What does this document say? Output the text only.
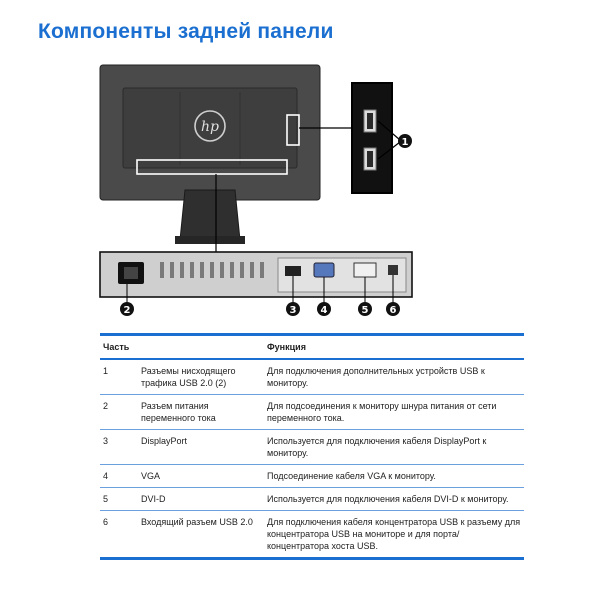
Компоненты задней панели
hp
1
2	3 4	5 6
Часть		Функция
1	Разъемы нисходящего трафика USB 2.0 (2)	Для подключения дополнительных устройств USB к монитору.
2	Разъем питания переменного тока	Для подсоединения к монитору шнура питания от сети переменного тока.
3	DisplayPort	Используется для подключения кабеля DisplayPort к монитору.
4	VGA	Подсоединение кабеля VGA к монитору.
5	DVI-D	Используется для подключения кабеля DVI-D к монитору.
6	Входящий разъем USB 2.0	Для подключения кабеля концентратора USB к разъему для концентратора USB на мониторе и для порта/концентратора хоста USB.
